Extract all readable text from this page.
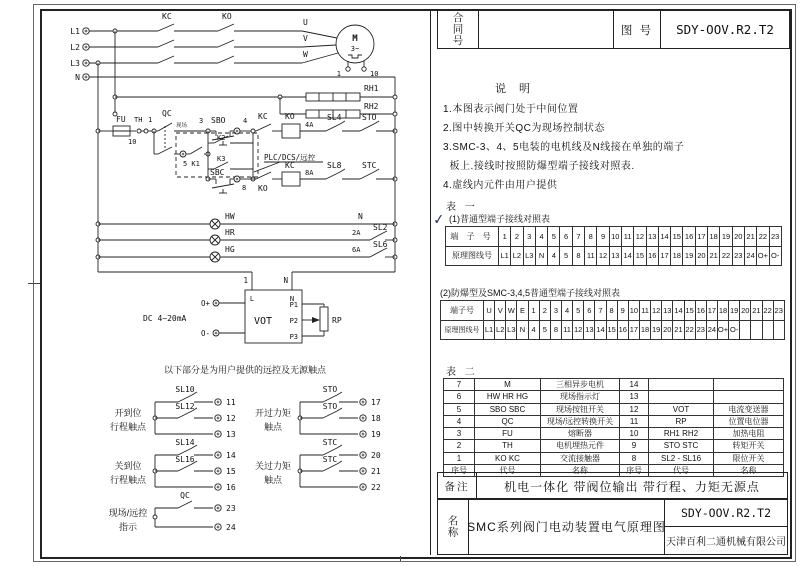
合同号	图 号 SDY-OOV.R2.T2
说 明
1.本图表示阀门处于中间位置
2.图中转换开关QC为现场控制状态
3.SMC-3、4、5电装的电机线及N线接在单独的端子
板上.接线时按照防爆型端子接线对照表.
4.虚线内元件由用户提供
表 一
✓ (1)普通型端子接线对照表
端 子 号	1	2	3	4	5	6	7	8	9 10 11 12 13 14 15 16 17 18 19 20 21 22 23
原理图线号	L1 L2 L3 N	4	5	8 11 12 13 14 15 16 17 18 19 20 21 22 23 24 O+ O-
(2)防爆型及SMC-3,4,5普通型端子接线对照表
端子号	U V W E 1 2 3 4 5 6 7 8 9 10 11 12 13 14 15 16 17 18 19 20 21 22 23
原理图线号 L1 L2 L3 N 4 5 8 11 12 13 14 15 16 17 18 19 20 21 22 23 24 O+ O-
表 二
7	M	三相异步电机	14
6	HW HR HG	现场指示灯	13
5	SBO SBC	现场按钮开关	12	VOT	电流变送器
4	QC	现场/远控转换开关	11	RP	位置电位器
3	FU	熔断器	10	RH1 RH2	加热电阻
2	TH	电机埋热元件	9	STO STC	转矩开关
1	KO KC	交流接触器	8	SL2 - SL16	限位开关
序号	代号	名称	序号	代号	名称
备注	机电一体化 带阀位输出 带行程、力矩无源点
名称 SMC系列阀门电动装置电气原理图
SDY-OOV.R2.T2
天津百利二通机械有限公司
L1
L2
L3
N
KC	KO
U
V
W
M
3~
1	10
RH1
RH2
FU TH 1
10
QC
现场
3 SBO	4 KC KO
4A
SL4	STO
5 K1
K2
K3	PLC/DCS/远控
SBC
8 KO
KC
8A
SL8	STC
HW	N
HR	2A
SL2
HG	6A
SL6
1	N
L	N
VOT
P1
P2
P3
O+
O-
DC 4~20mA	RP
以下部分是为用户提供的远控及无源触点
开到位
行程触点
SL10
11
SL12
12
13
开过力矩
触点
STO
17
STO
18
19
关到位
行程触点
SL14
14
SL16
15
16
关过力矩
触点
STC
20
STC
21
22
现场/远控
指示
QC
23
24
